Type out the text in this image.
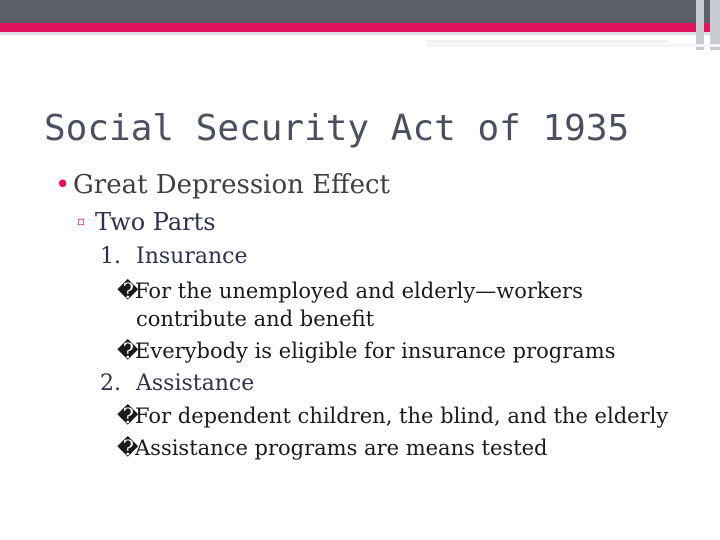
Social Security Act of 1935
• Great Depression Effect
▫ Two Parts
1. Insurance
�For the unemployed and elderly—workers
contribute and benefit
�Everybody is eligible for insurance programs
2. Assistance
�For dependent children, the blind, and the elderly
�Assistance programs are means tested
